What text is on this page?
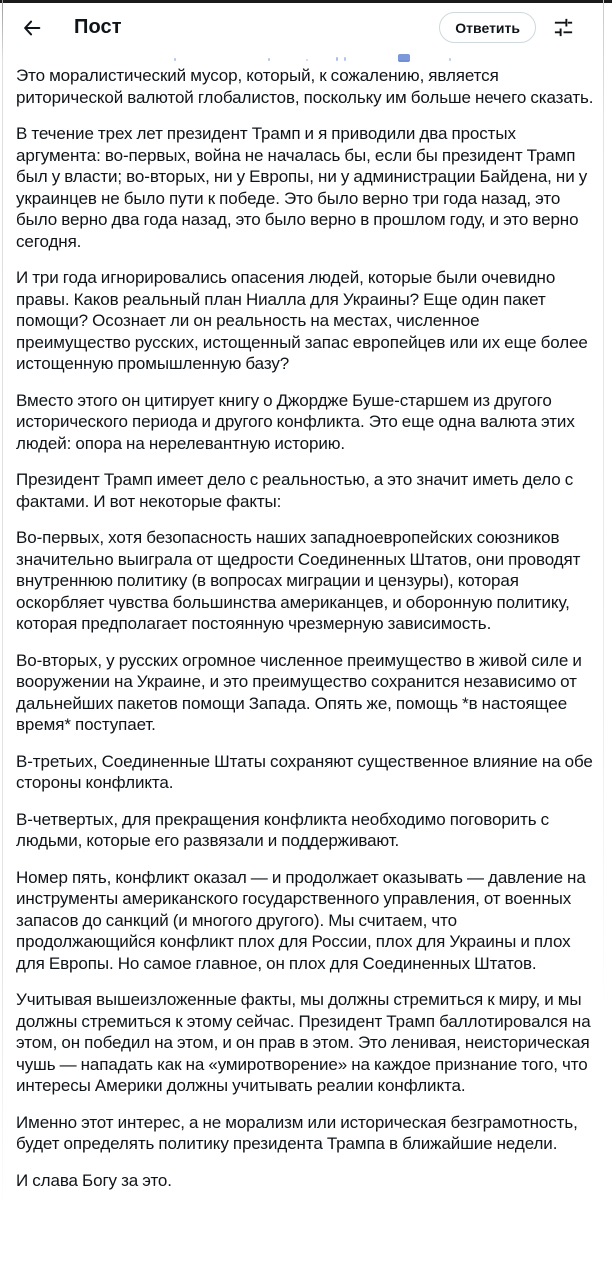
Пост	Ответить

Это моралистический мусор, который, к сожалению, является риторической валютой глобалистов, поскольку им больше нечего сказать.

В течение трех лет президент Трамп и я приводили два простых аргумента: во-первых, война не началась бы, если бы президент Трамп был у власти; во-вторых, ни у Европы, ни у администрации Байдена, ни у украинцев не было пути к победе. Это было верно три года назад, это было верно два года назад, это было верно в прошлом году, и это верно сегодня.

И три года игнорировались опасения людей, которые были очевидно правы. Каков реальный план Ниалла для Украины? Еще один пакет помощи? Осознает ли он реальность на местах, численное преимущество русских, истощенный запас европейцев или их еще более истощенную промышленную базу?

Вместо этого он цитирует книгу о Джордже Буше-старшем из другого исторического периода и другого конфликта. Это еще одна валюта этих людей: опора на нерелевантную историю.

Президент Трамп имеет дело с реальностью, а это значит иметь дело с фактами. И вот некоторые факты:

Во-первых, хотя безопасность наших западноевропейских союзников значительно выиграла от щедрости Соединенных Штатов, они проводят внутреннюю политику (в вопросах миграции и цензуры), которая оскорбляет чувства большинства американцев, и оборонную политику, которая предполагает постоянную чрезмерную зависимость.

Во-вторых, у русских огромное численное преимущество в живой силе и вооружении на Украине, и это преимущество сохранится независимо от дальнейших пакетов помощи Запада. Опять же, помощь *в настоящее время* поступает.

В-третьих, Соединенные Штаты сохраняют существенное влияние на обе стороны конфликта.

В-четвертых, для прекращения конфликта необходимо поговорить с людьми, которые его развязали и поддерживают.

Номер пять, конфликт оказал — и продолжает оказывать — давление на инструменты американского государственного управления, от военных запасов до санкций (и многого другого). Мы считаем, что продолжающийся конфликт плох для России, плох для Украины и плох для Европы. Но самое главное, он плох для Соединенных Штатов.

Учитывая вышеизложенные факты, мы должны стремиться к миру, и мы должны стремиться к этому сейчас. Президент Трамп баллотировался на этом, он победил на этом, и он прав в этом. Это ленивая, неисторическая чушь — нападать как на «умиротворение» на каждое признание того, что интересы Америки должны учитывать реалии конфликта.

Именно этот интерес, а не морализм или историческая безграмотность, будет определять политику президента Трампа в ближайшие недели.

И слава Богу за это.
